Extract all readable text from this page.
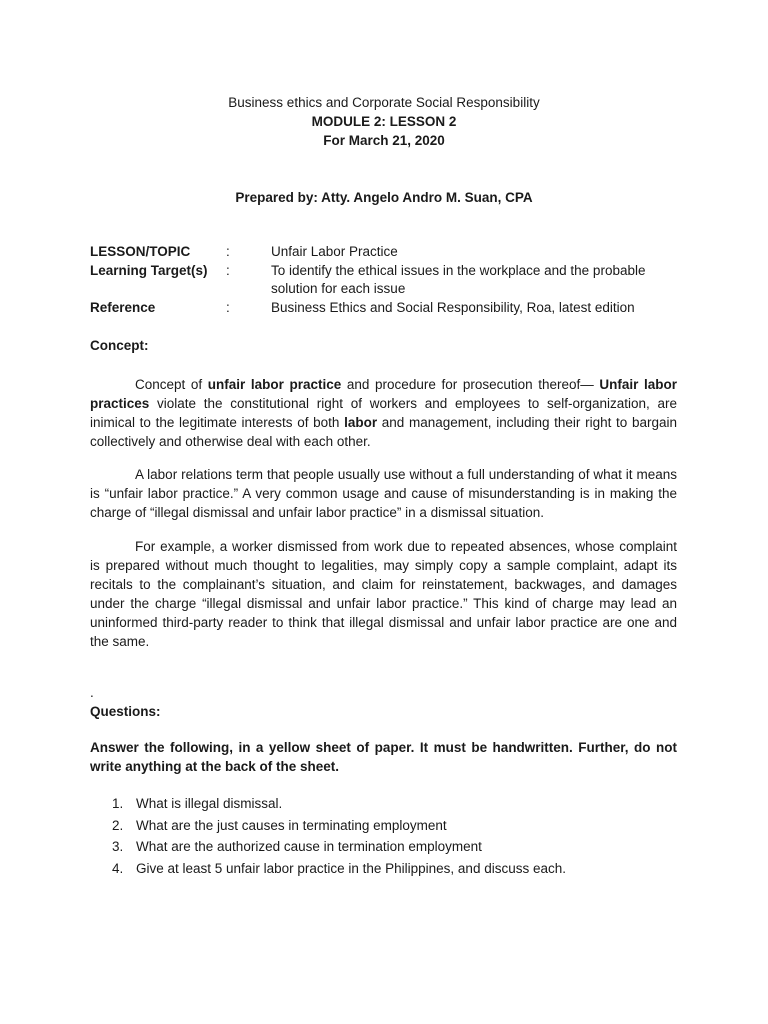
Business ethics and Corporate Social Responsibility
MODULE 2: LESSON 2
For March 21, 2020
Prepared by: Atty. Angelo Andro M. Suan, CPA
LESSON/TOPIC	:	Unfair Labor Practice
Learning Target(s)	:	To identify the ethical issues in the workplace and the probable solution for each issue
Reference	:	Business Ethics and Social Responsibility, Roa, latest edition
Concept:

Concept of unfair labor practice and procedure for prosecution thereof— Unfair labor practices violate the constitutional right of workers and employees to self-organization, are inimical to the legitimate interests of both labor and management, including their right to bargain collectively and otherwise deal with each other.

A labor relations term that people usually use without a full understanding of what it means is “unfair labor practice.” A very common usage and cause of misunderstanding is in making the charge of “illegal dismissal and unfair labor practice” in a dismissal situation.

For example, a worker dismissed from work due to repeated absences, whose complaint is prepared without much thought to legalities, may simply copy a sample complaint, adapt its recitals to the complainant’s situation, and claim for reinstatement, backwages, and damages under the charge “illegal dismissal and unfair labor practice.” This kind of charge may lead an uninformed third-party reader to think that illegal dismissal and unfair labor practice are one and the same.

.
Questions:
Answer the following, in a yellow sheet of paper. It must be handwritten. Further, do not write anything at the back of the sheet.
1. What is illegal dismissal.
2. What are the just causes in terminating employment
3. What are the authorized cause in termination employment
4. Give at least 5 unfair labor practice in the Philippines, and discuss each.
